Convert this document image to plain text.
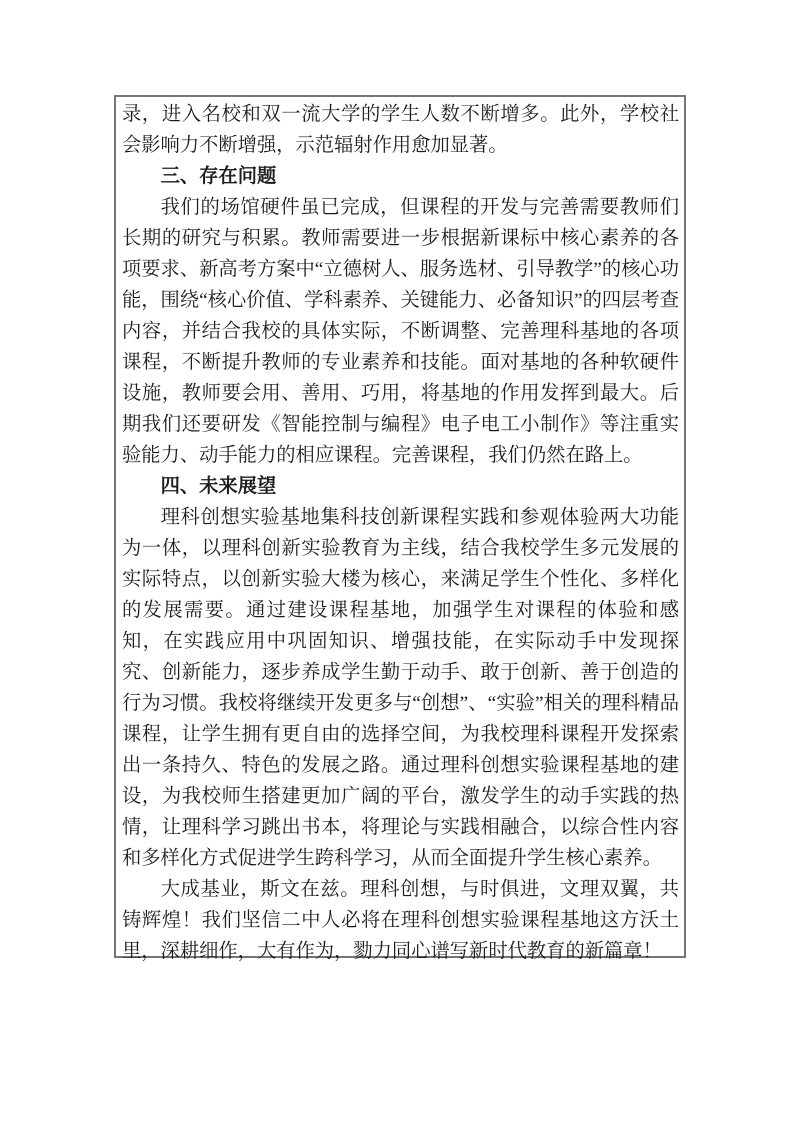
录，进入名校和双一流大学的学生人数不断增多。此外，学校社会影响力不断增强，示范辐射作用愈加显著。

三、存在问题

我们的场馆硬件虽已完成，但课程的开发与完善需要教师们长期的研究与积累。教师需要进一步根据新课标中核心素养的各项要求、新高考方案中“立德树人、服务选材、引导教学”的核心功能，围绕“核心价值、学科素养、关键能力、必备知识”的四层考查内容，并结合我校的具体实际，不断调整、完善理科基地的各项课程，不断提升教师的专业素养和技能。面对基地的各种软硬件设施，教师要会用、善用、巧用，将基地的作用发挥到最大。后期我们还要研发《智能控制与编程》电子电工小制作》等注重实验能力、动手能力的相应课程。完善课程，我们仍然在路上。

四、未来展望

理科创想实验基地集科技创新课程实践和参观体验两大功能为一体，以理科创新实验教育为主线，结合我校学生多元发展的实际特点，以创新实验大楼为核心，来满足学生个性化、多样化的发展需要。通过建设课程基地，加强学生对课程的体验和感知，在实践应用中巩固知识、增强技能，在实际动手中发现探究、创新能力，逐步养成学生勤于动手、敢于创新、善于创造的行为习惯。我校将继续开发更多与“创想”、“实验”相关的理科精品课程，让学生拥有更自由的选择空间，为我校理科课程开发探索出一条持久、特色的发展之路。通过理科创想实验课程基地的建设，为我校师生搭建更加广阔的平台，激发学生的动手实践的热情，让理科学习跳出书本，将理论与实践相融合，以综合性内容和多样化方式促进学生跨科学习，从而全面提升学生核心素养。

大成基业，斯文在兹。理科创想，与时俱进，文理双翼，共铸辉煌！我们坚信二中人必将在理科创想实验课程基地这方沃土里，深耕细作，大有作为，勠力同心谱写新时代教育的新篇章！
